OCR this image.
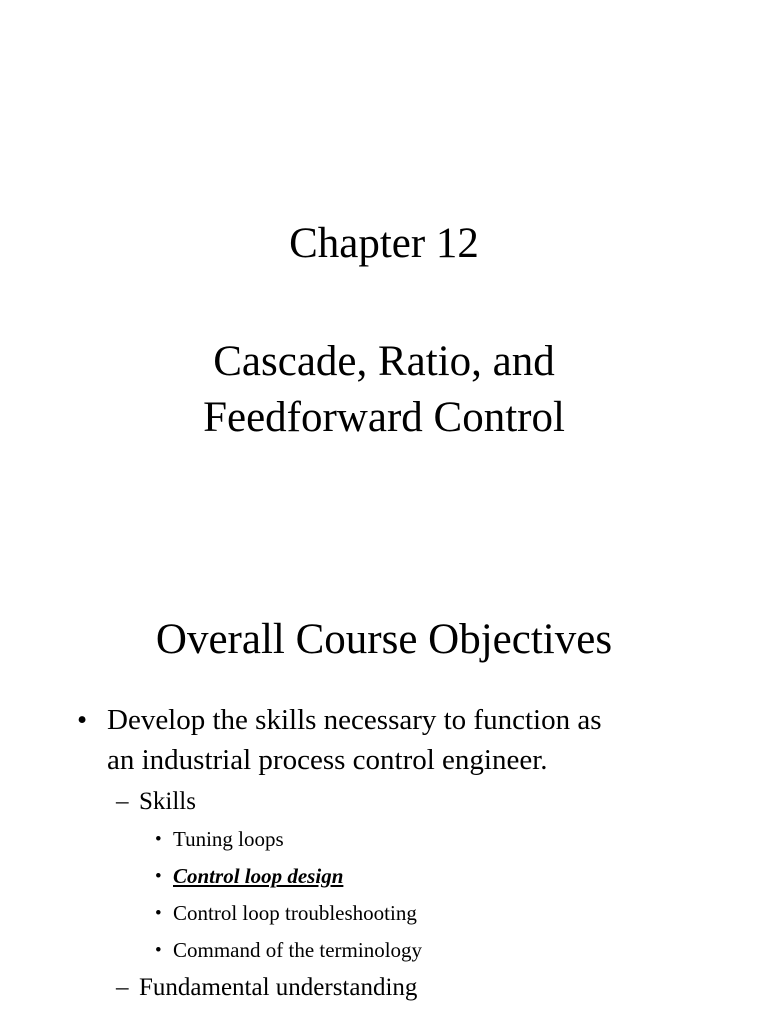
Chapter 12
Cascade, Ratio, and
Feedforward Control
Overall Course Objectives
• Develop the skills necessary to function as
an industrial process control engineer.
– Skills
• Tuning loops
• Control loop design
• Control loop troubleshooting
• Command of the terminology
– Fundamental understanding
